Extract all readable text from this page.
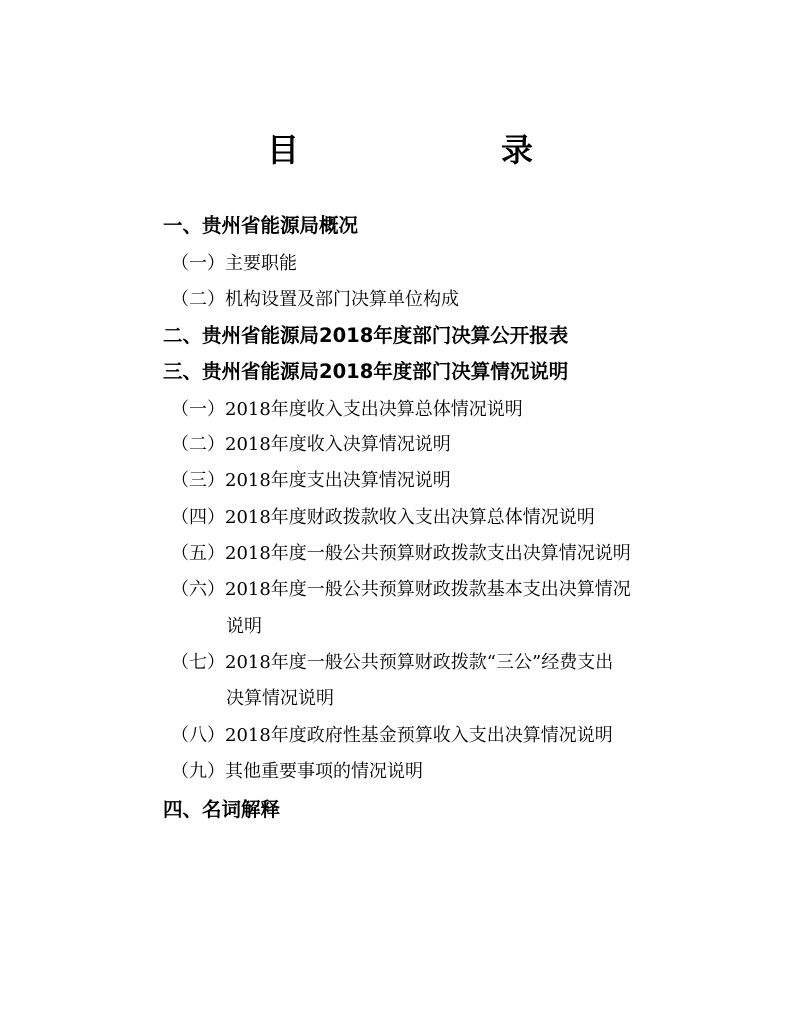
目　　录
一、贵州省能源局概况
（一）主要职能
（二）机构设置及部门决算单位构成
二、贵州省能源局2018年度部门决算公开报表
三、贵州省能源局2018年度部门决算情况说明
（一）2018年度收入支出决算总体情况说明
（二）2018年度收入决算情况说明
（三）2018年度支出决算情况说明
（四）2018年度财政拨款收入支出决算总体情况说明
（五）2018年度一般公共预算财政拨款支出决算情况说明
（六）2018年度一般公共预算财政拨款基本支出决算情况
说明
（七）2018年度一般公共预算财政拨款“三公”经费支出
决算情况说明
（八）2018年度政府性基金预算收入支出决算情况说明
（九）其他重要事项的情况说明
四、名词解释
